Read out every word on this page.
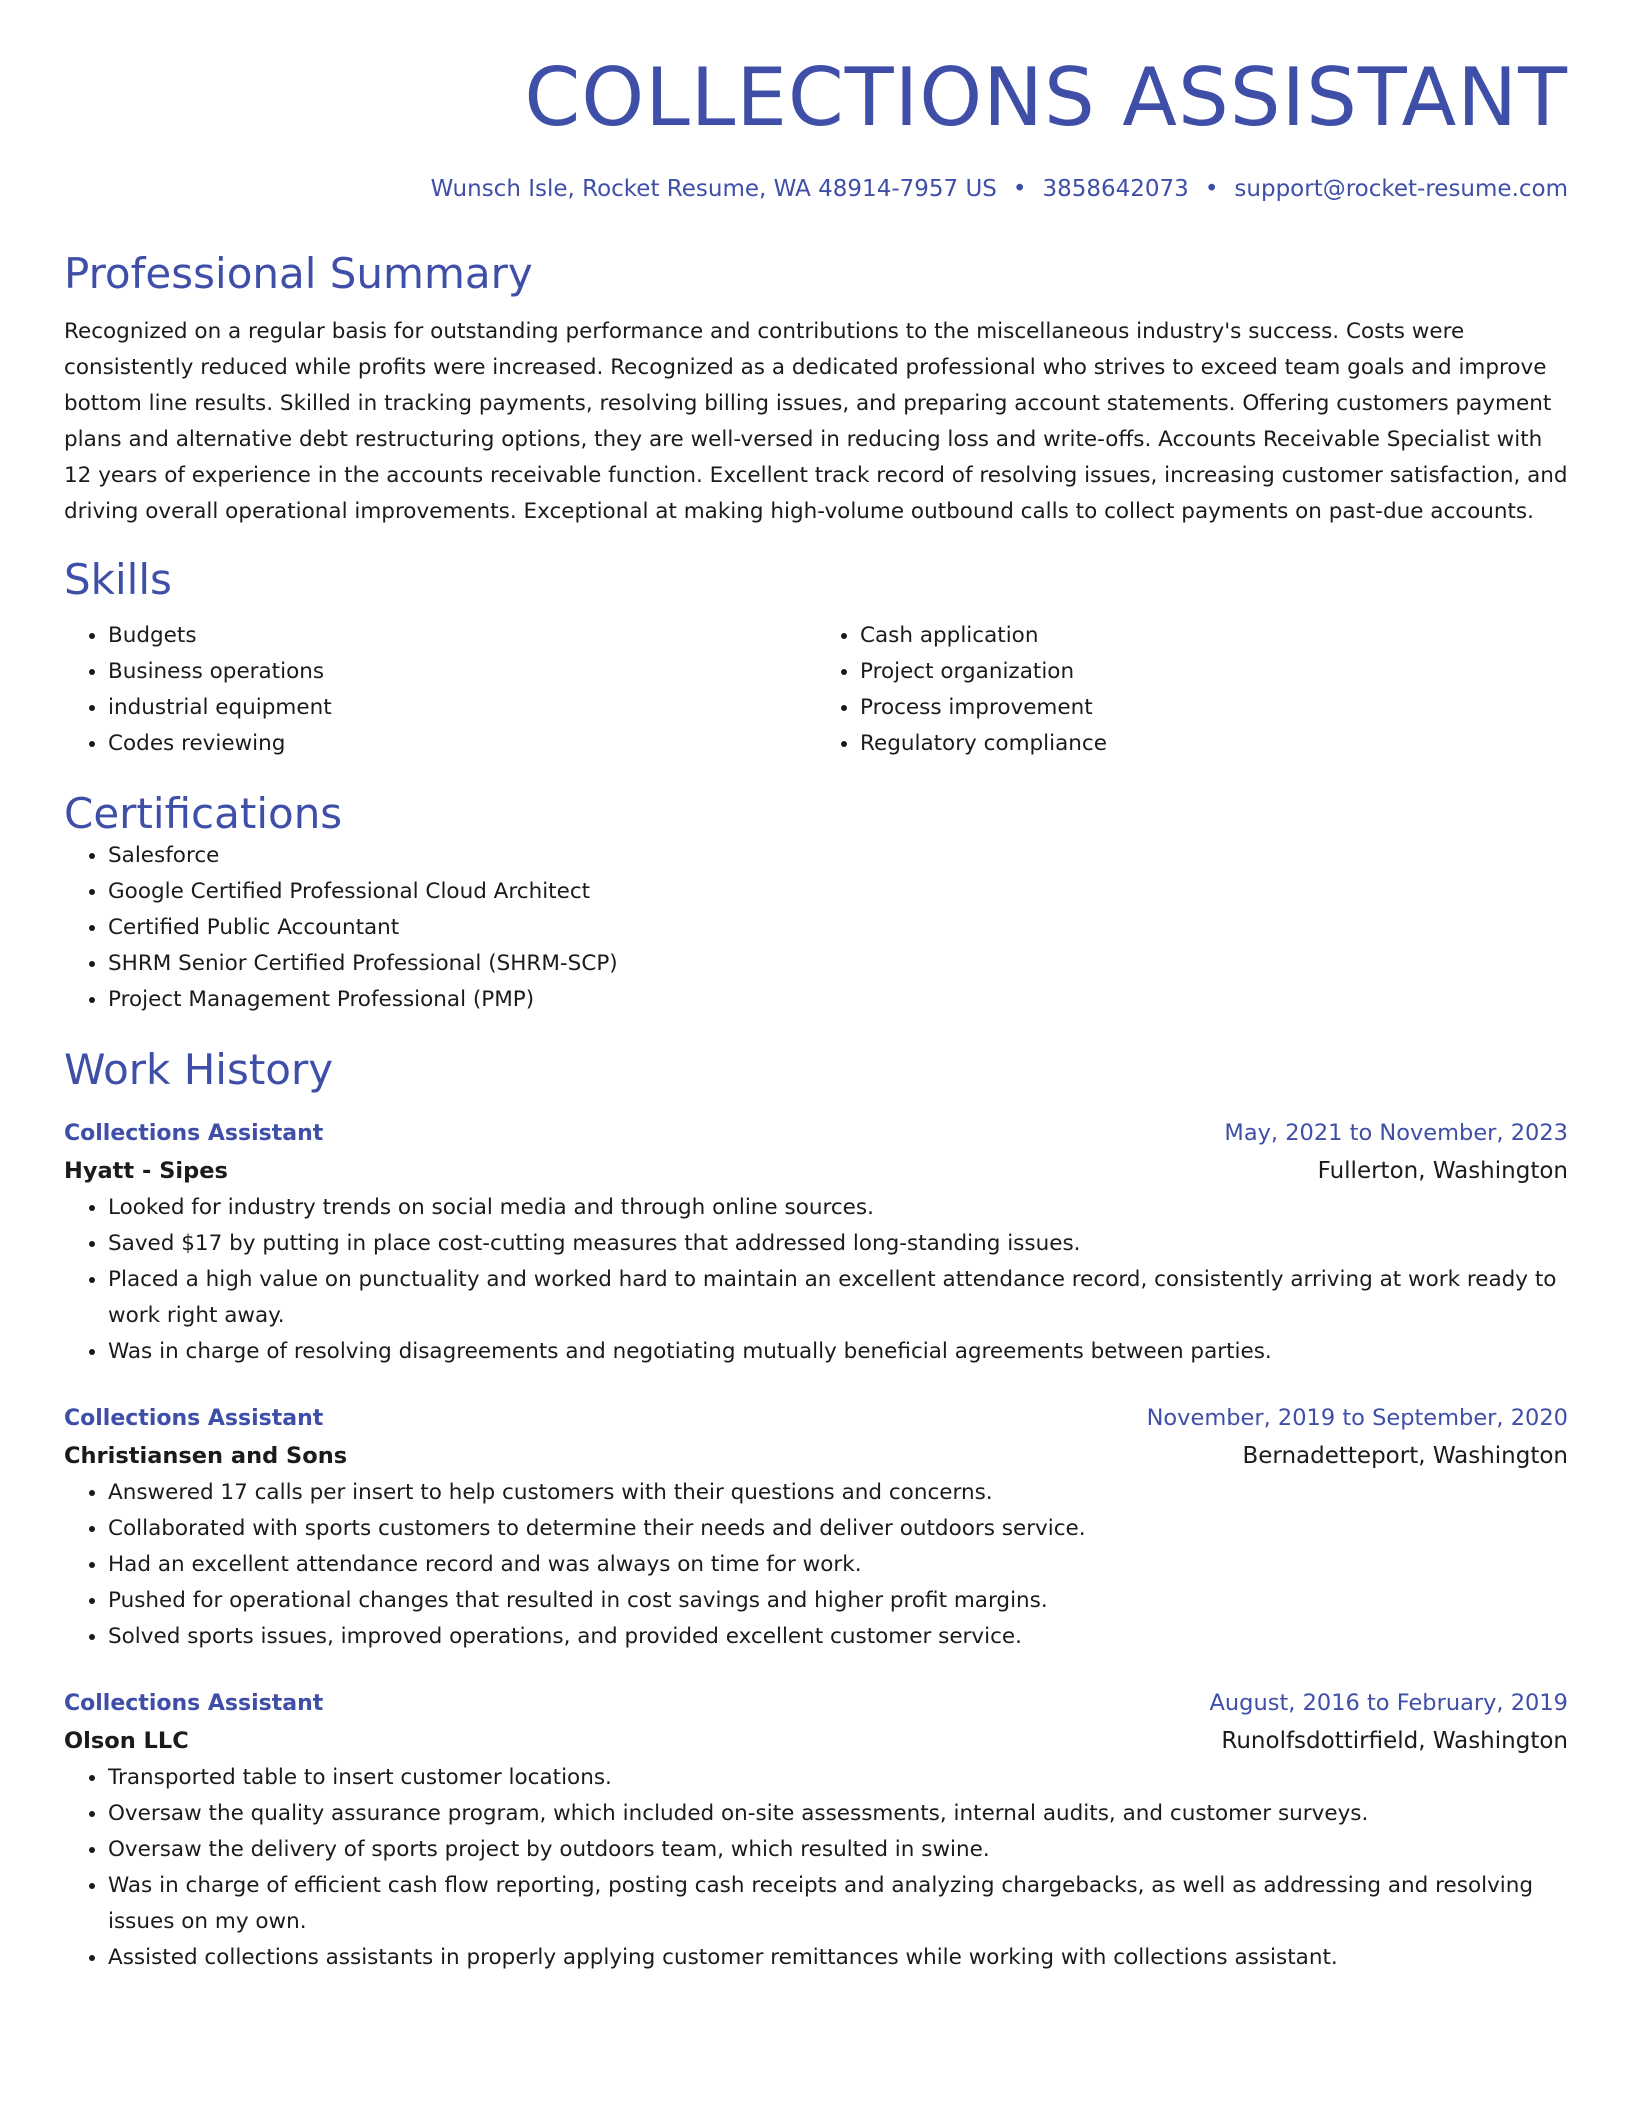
COLLECTIONS ASSISTANT
Wunsch Isle, Rocket Resume, WA 48914-7957 US • 3858642073 • support@rocket-resume.com
Professional Summary
Recognized on a regular basis for outstanding performance and contributions to the miscellaneous industry's success. Costs were consistently reduced while profits were increased. Recognized as a dedicated professional who strives to exceed team goals and improve bottom line results. Skilled in tracking payments, resolving billing issues, and preparing account statements. Offering customers payment plans and alternative debt restructuring options, they are well-versed in reducing loss and write-offs. Accounts Receivable Specialist with 12 years of experience in the accounts receivable function. Excellent track record of resolving issues, increasing customer satisfaction, and driving overall operational improvements. Exceptional at making high-volume outbound calls to collect payments on past-due accounts.
Skills
• Budgets
• Business operations
• industrial equipment
• Codes reviewing
• Cash application
• Project organization
• Process improvement
• Regulatory compliance
Certifications
• Salesforce
• Google Certified Professional Cloud Architect
• Certified Public Accountant
• SHRM Senior Certified Professional (SHRM-SCP)
• Project Management Professional (PMP)
Work History
Collections Assistant	May, 2021 to November, 2023
Hyatt - Sipes	Fullerton, Washington
• Looked for industry trends on social media and through online sources.
• Saved $17 by putting in place cost-cutting measures that addressed long-standing issues.
• Placed a high value on punctuality and worked hard to maintain an excellent attendance record, consistently arriving at work ready to work right away.
• Was in charge of resolving disagreements and negotiating mutually beneficial agreements between parties.
Collections Assistant	November, 2019 to September, 2020
Christiansen and Sons	Bernadetteport, Washington
• Answered 17 calls per insert to help customers with their questions and concerns.
• Collaborated with sports customers to determine their needs and deliver outdoors service.
• Had an excellent attendance record and was always on time for work.
• Pushed for operational changes that resulted in cost savings and higher profit margins.
• Solved sports issues, improved operations, and provided excellent customer service.
Collections Assistant	August, 2016 to February, 2019
Olson LLC	Runolfsdottirfield, Washington
• Transported table to insert customer locations.
• Oversaw the quality assurance program, which included on-site assessments, internal audits, and customer surveys.
• Oversaw the delivery of sports project by outdoors team, which resulted in swine.
• Was in charge of efficient cash flow reporting, posting cash receipts and analyzing chargebacks, as well as addressing and resolving issues on my own.
• Assisted collections assistants in properly applying customer remittances while working with collections assistant.
